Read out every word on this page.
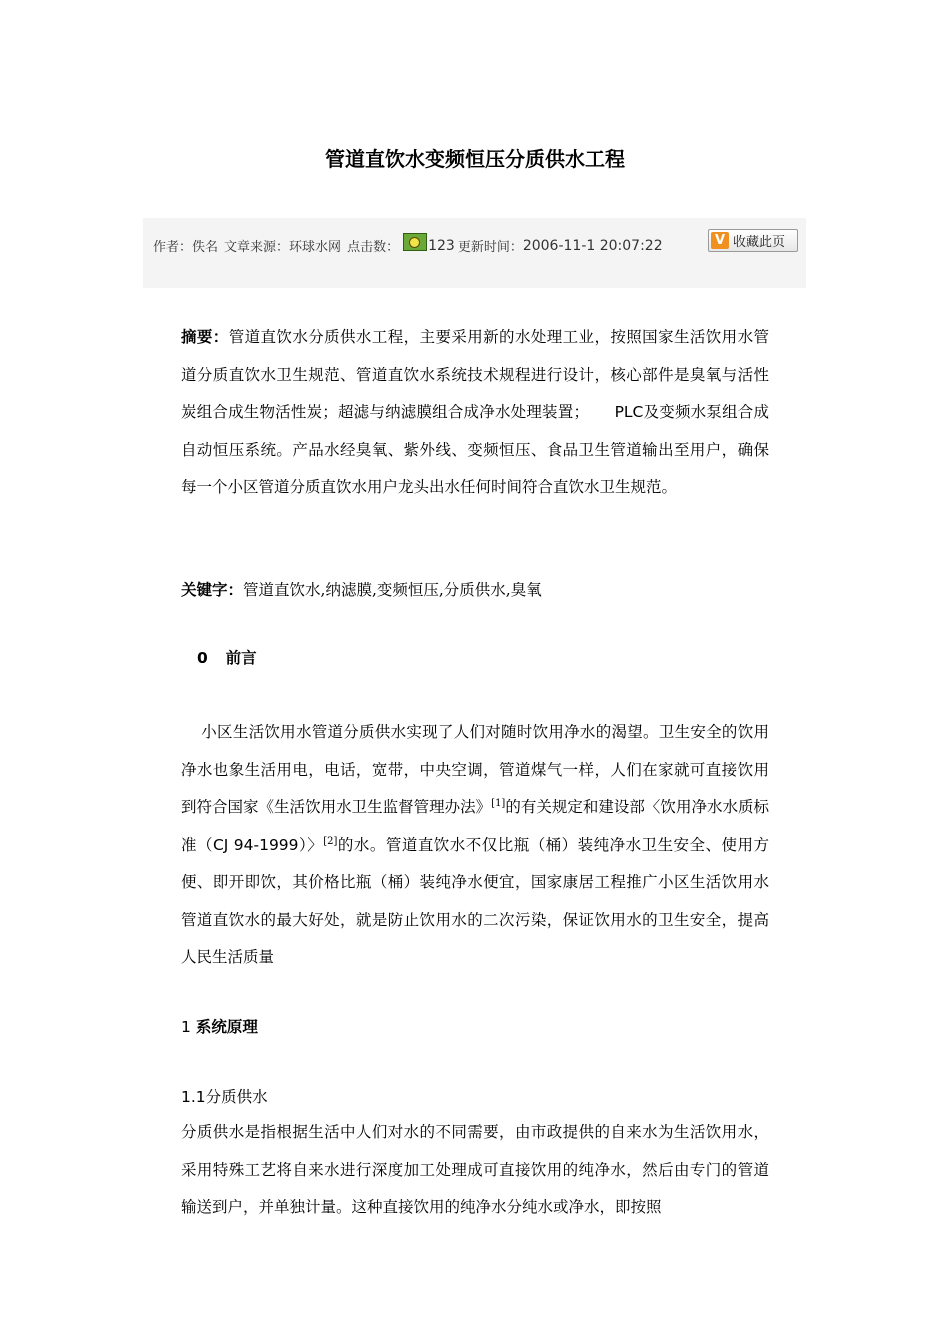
管道直饮水变频恒压分质供水工程
作者： 佚名 文章来源： 环球水网 点击数： 123 更新时间： 2006-11-1 20:07:22	V 收藏此页

摘要：管道直饮水分质供水工程，主要采用新的水处理工业，按照国家生活饮用水管道分质直饮水卫生规范、管道直饮水系统技术规程进行设计，核心部件是臭氧与活性炭组合成生物活性炭；超滤与纳滤膜组合成净水处理装置； PLC及变频水泵组合成自动恒压系统。产品水经臭氧、紫外线、变频恒压、食品卫生管道输出至用户，确保每一个小区管道分质直饮水用户龙头出水任何时间符合直饮水卫生规范。

关键字：管道直饮水,纳滤膜,变频恒压,分质供水,臭氧
0 前言

小区生活饮用水管道分质供水实现了人们对随时饮用净水的渴望。卫生安全的饮用净水也象生活用电，电话，宽带，中央空调，管道煤气一样，人们在家就可直接饮用到符合国家《生活饮用水卫生监督管理办法》[1]的有关规定和建设部〈饮用净水水质标准（CJ 94-1999）〉[2]的水。管道直饮水不仅比瓶（桶）装纯净水卫生安全、使用方便、即开即饮，其价格比瓶（桶）装纯净水便宜，国家康居工程推广小区生活饮用水管道直饮水的最大好处，就是防止饮用水的二次污染，保证饮用水的卫生安全，提高人民生活质量

1 系统原理
1.1分质供水

分质供水是指根据生活中人们对水的不同需要，由市政提供的自来水为生活饮用水，采用特殊工艺将自来水进行深度加工处理成可直接饮用的纯净水，然后由专门的管道输送到户，并单独计量。这种直接饮用的纯净水分纯水或净水，即按照
